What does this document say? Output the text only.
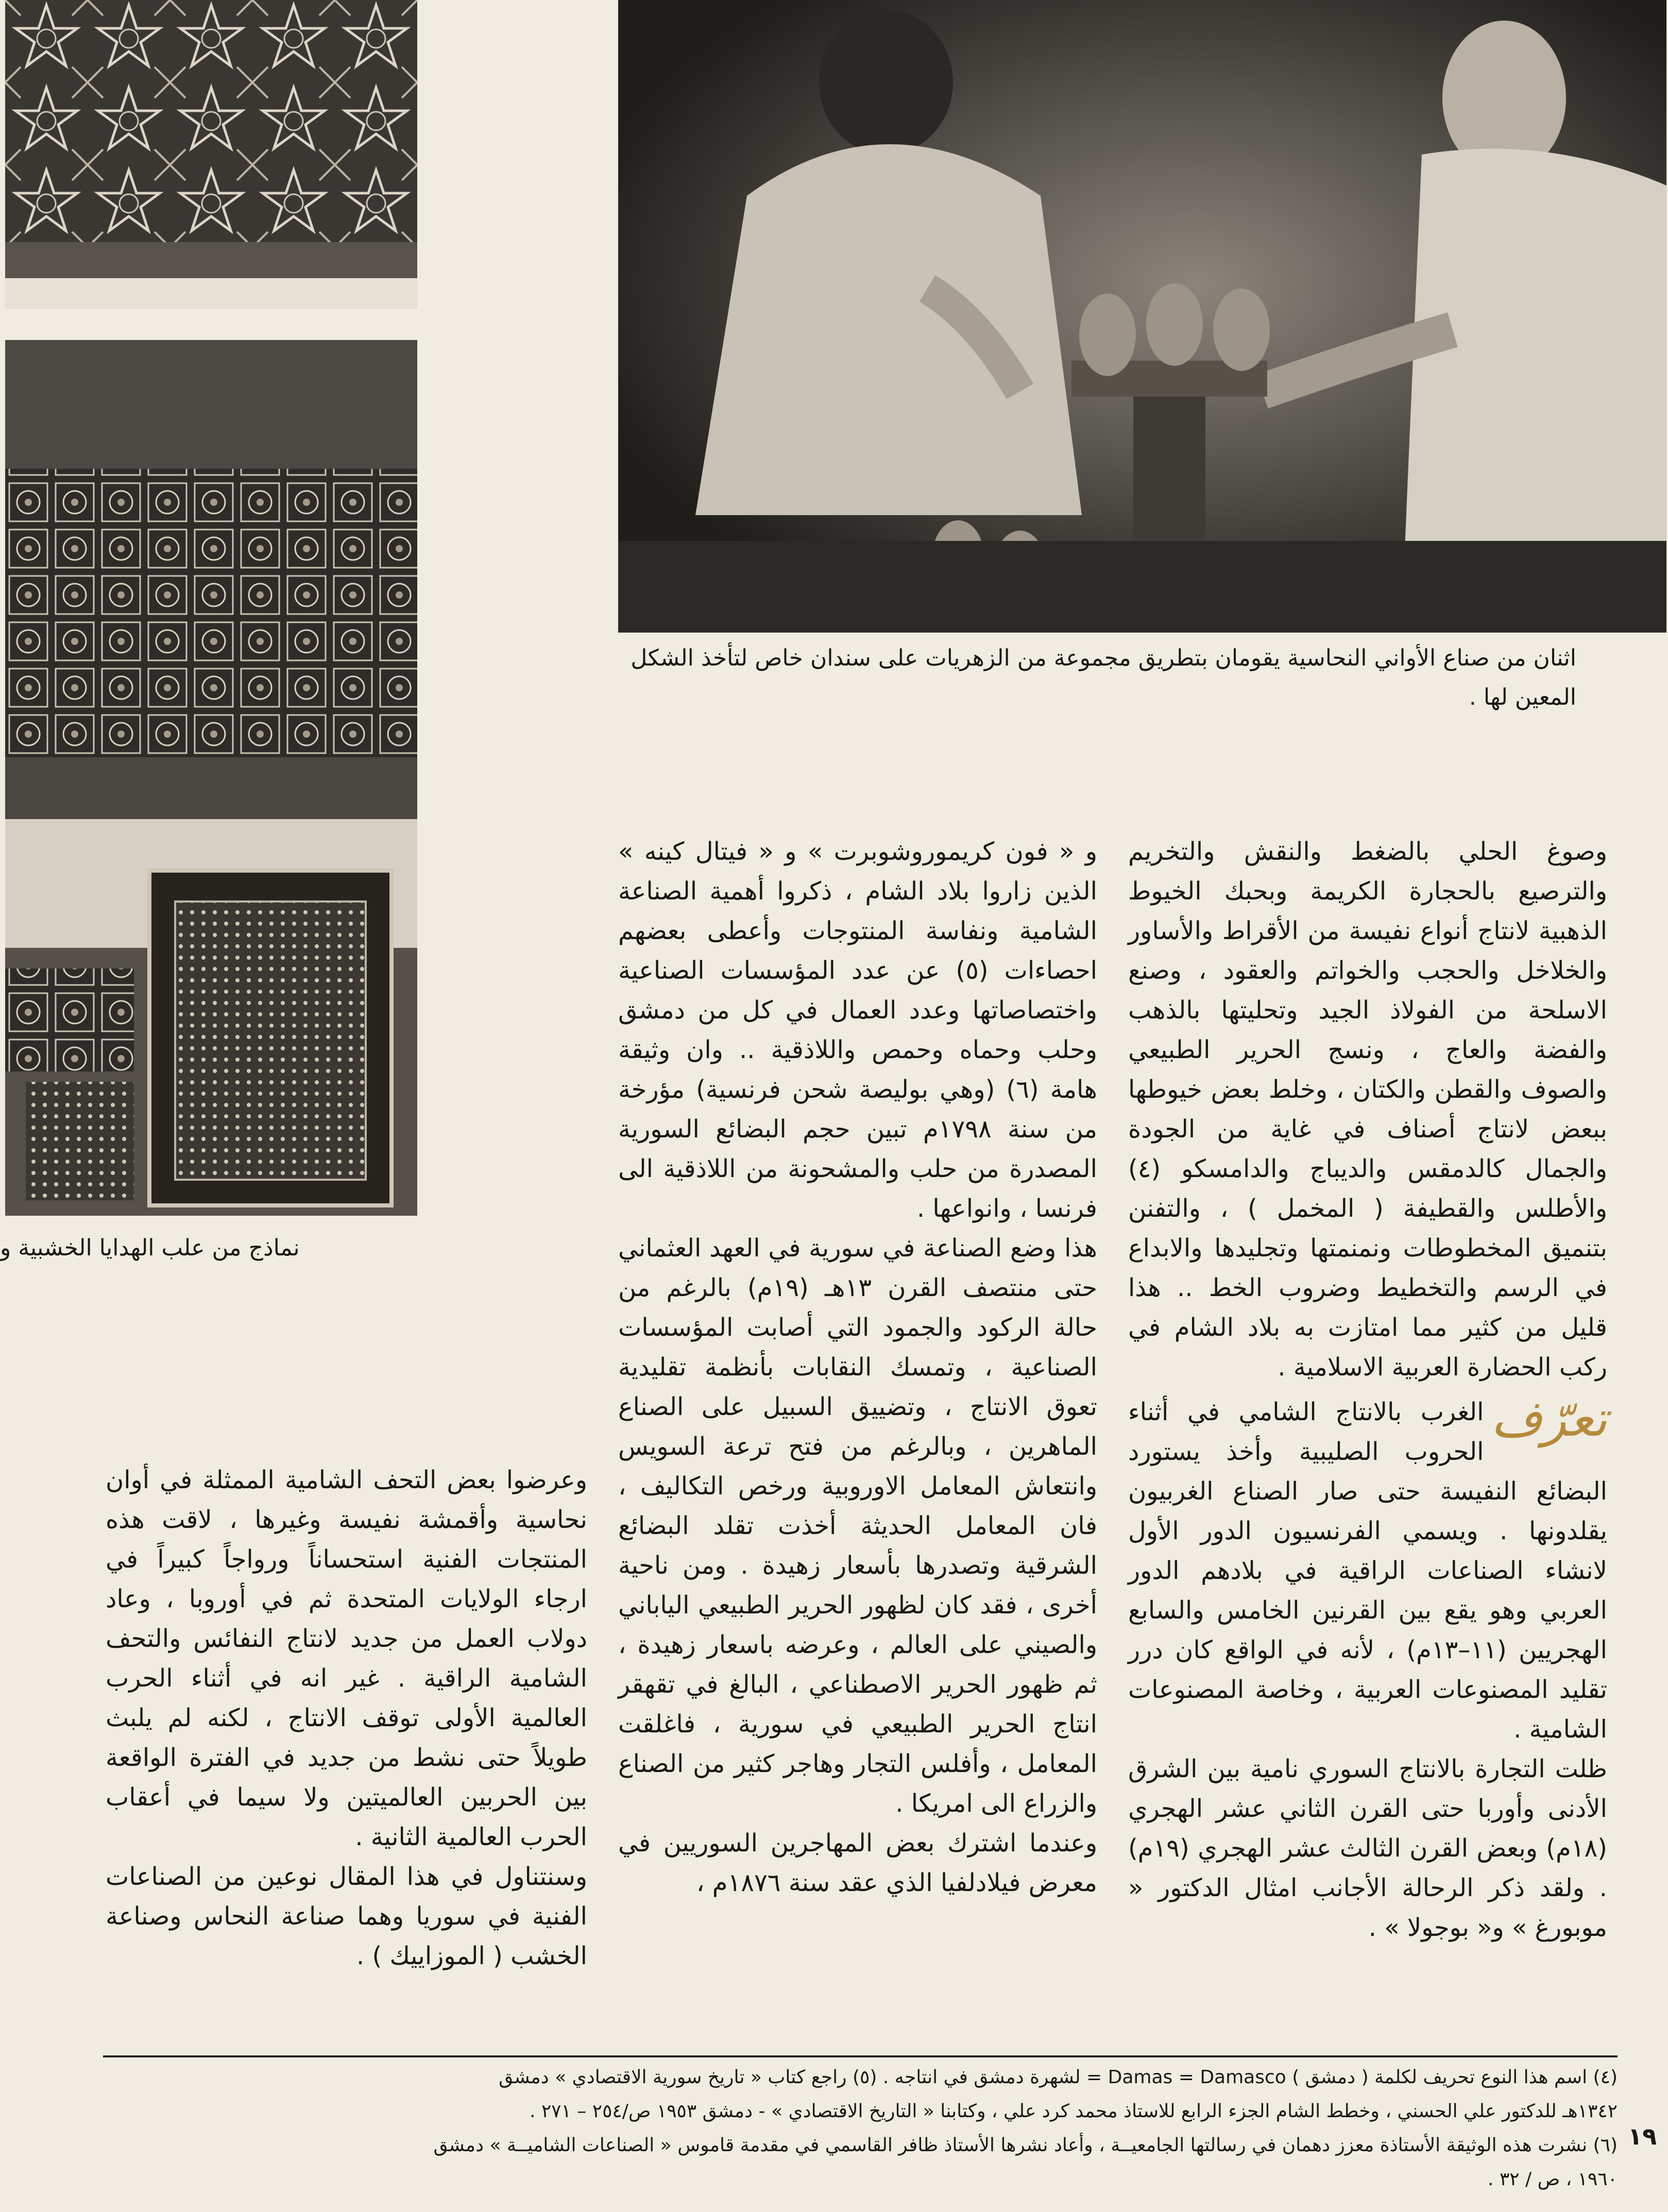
اثنان من صناع الأواني النحاسية يقومان بتطريق مجموعة من الزهريات على سندان خاص لتأخذ الشكل المعين لها .
نماذج من علب الهدايا الخشبية و

وصوغ الحلي بالضغط والنقش والتخريم والترصيع بالحجارة الكريمة وبحبك الخيوط الذهبية لانتاج أنواع نفيسة من الأقراط والأساور والخلاخل والحجب والخواتم والعقود ، وصنع الاسلحة من الفولاذ الجيد وتحليتها بالذهب والفضة والعاج ، ونسج الحرير الطبيعي والصوف والقطن والكتان ، وخلط بعض خيوطها ببعض لانتاج أصناف في غاية من الجودة والجمال كالدمقس والديباج والدامسكو (٤) والأطلس والقطيفة ( المخمل ) ، والتفنن بتنميق المخطوطات ونمنمتها وتجليدها والابداع في الرسم والتخطيط وضروب الخط .. هذا قليل من كثير مما امتازت به بلاد الشام في ركب الحضارة العربية الاسلامية .

تعرّف
الغرب بالانتاج الشامي في أثناء الحروب الصليبية وأخذ يستورد البضائع النفيسة حتى صار الصناع الغربيون يقلدونها . ويسمي الفرنسيون الدور الأول لانشاء الصناعات الراقية في بلادهم الدور العربي وهو يقع بين القرنين الخامس والسابع الهجريين (١١–١٣م) ، لأنه في الواقع كان درر تقليد المصنوعات العربية ، وخاصة المصنوعات الشامية .

ظلت التجارة بالانتاج السوري نامية بين الشرق الأدنى وأوربا حتى القرن الثاني عشر الهجري (١٨م) وبعض القرن الثالث عشر الهجري (١٩م) . ولقد ذكر الرحالة الأجانب امثال الدكتور « موبورغ » و« بوجولا » .

و « فون كريموروشوبرت » و « فيتال كينه » الذين زاروا بلاد الشام ، ذكروا أهمية الصناعة الشامية ونفاسة المنتوجات وأعطى بعضهم احصاءات (٥) عن عدد المؤسسات الصناعية واختصاصاتها وعدد العمال في كل من دمشق وحلب وحماه وحمص واللاذقية .. وان وثيقة هامة (٦) (وهي بوليصة شحن فرنسية) مؤرخة من سنة ١٧٩٨م تبين حجم البضائع السورية المصدرة من حلب والمشحونة من اللاذقية الى فرنسا ، وانواعها .

هذا وضع الصناعة في سورية في العهد العثماني حتى منتصف القرن ١٣هـ (١٩م) بالرغم من حالة الركود والجمود التي أصابت المؤسسات الصناعية ، وتمسك النقابات بأنظمة تقليدية تعوق الانتاج ، وتضييق السبيل على الصناع الماهرين ، وبالرغم من فتح ترعة السويس وانتعاش المعامل الاوروبية ورخص التكاليف ، فان المعامل الحديثة أخذت تقلد البضائع الشرقية وتصدرها بأسعار زهيدة . ومن ناحية أخرى ، فقد كان لظهور الحرير الطبيعي الياباني والصيني على العالم ، وعرضه باسعار زهيدة ، ثم ظهور الحرير الاصطناعي ، البالغ في تقهقر انتاج الحرير الطبيعي في سورية ، فاغلقت المعامل ، وأفلس التجار وهاجر كثير من الصناع والزراع الى امريكا .

وعندما اشترك بعض المهاجرين السوريين في معرض فيلادلفيا الذي عقد سنة ١٨٧٦م ،

وعرضوا بعض التحف الشامية الممثلة في أوان نحاسية وأقمشة نفيسة وغيرها ، لاقت هذه المنتجات الفنية استحساناً ورواجاً كبيراً في ارجاء الولايات المتحدة ثم في أوروبا ، وعاد دولاب العمل من جديد لانتاج النفائس والتحف الشامية الراقية . غير انه في أثناء الحرب العالمية الأولى توقف الانتاج ، لكنه لم يلبث طويلاً حتى نشط من جديد في الفترة الواقعة بين الحربين العالميتين ولا سيما في أعقاب الحرب العالمية الثانية .

وسنتناول في هذا المقال نوعين من الصناعات الفنية في سوريا وهما صناعة النحاس وصناعة الخشب ( الموزاييك ) .

(٤) اسم هذا النوع تحريف لكلمة ( دمشق ) Damas = Damasco = لشهرة دمشق في انتاجه . (٥) راجع كتاب « تاريخ سورية الاقتصادي » دمشق

١٣٤٢هـ للدكتور علي الحسني ، وخطط الشام الجزء الرابع للاستاذ محمد كرد علي ، وكتابنا « التاريخ الاقتصادي » - دمشق ١٩٥٣ ص/٢٥٤ – ٢٧١ .

(٦) نشرت هذه الوثيقة الأستاذة معزز دهمان في رسالتها الجامعيــة ، وأعاد نشرها الأستاذ ظافر القاسمي في مقدمة قاموس « الصناعات الشاميــة » دمشق

١٩٦٠ ، ص / ٣٢ .

١٩
